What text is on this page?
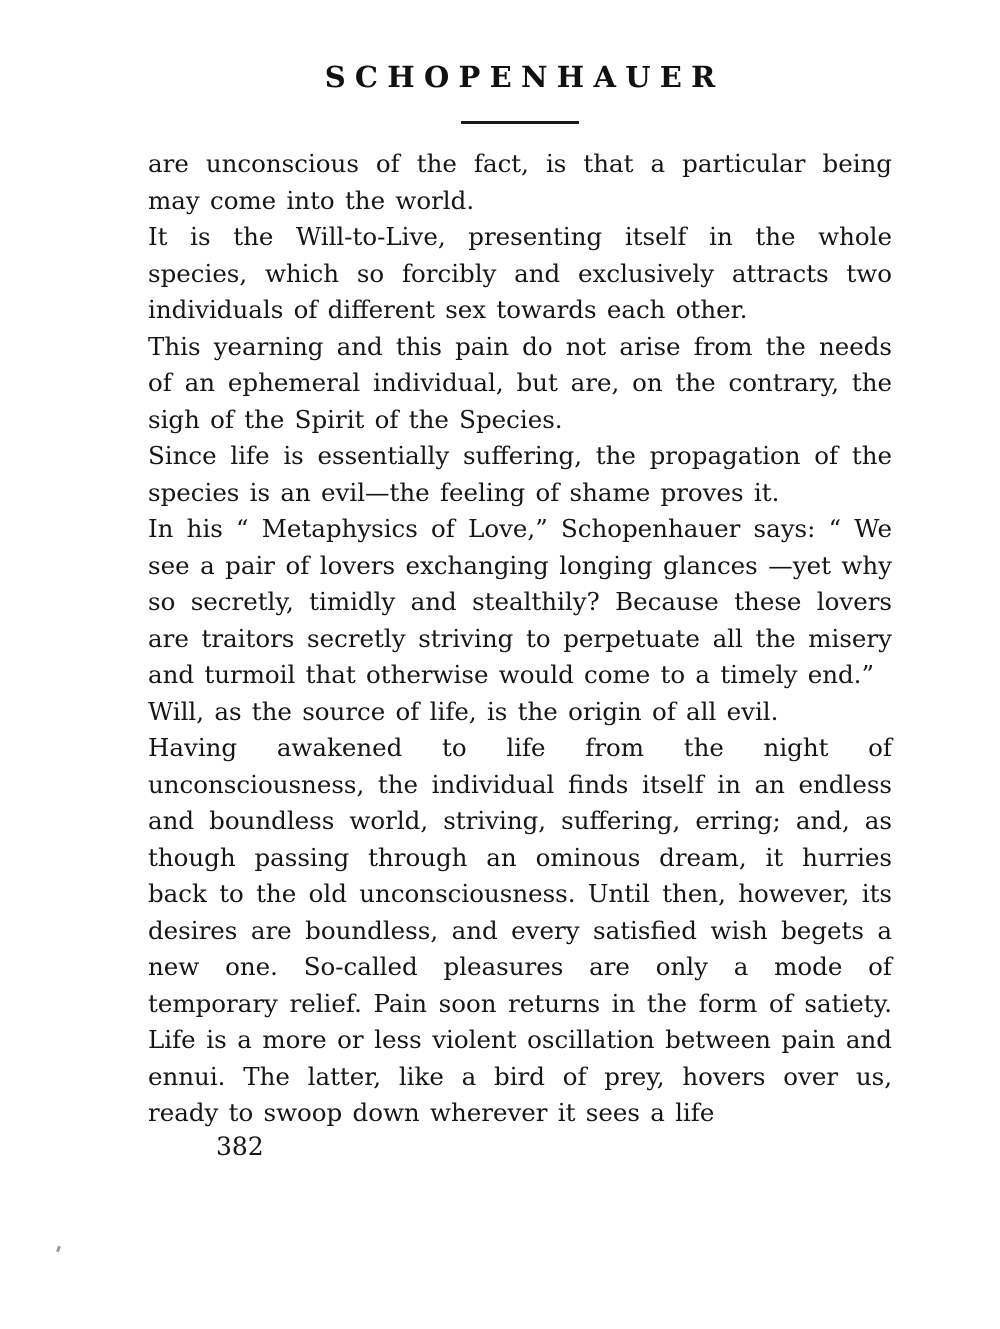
SCHOPENHAUER

are unconscious of the fact, is that a particular being may come into the world.

It is the Will-to-Live, presenting itself in the whole species, which so forcibly and exclusively attracts two individuals of different sex towards each other.

This yearning and this pain do not arise from the needs of an ephemeral individual, but are, on the contrary, the sigh of the Spirit of the Species.

Since life is essentially suffering, the propagation of the species is an evil—the feeling of shame proves it.

In his “ Metaphysics of Love,” Schopenhauer says: “ We see a pair of lovers exchanging longing glances —yet why so secretly, timidly and stealthily? Because these lovers are traitors secretly striving to perpetuate all the misery and turmoil that otherwise would come to a timely end.”

Will, as the source of life, is the origin of all evil.

Having awakened to life from the night of unconsciousness, the individual finds itself in an endless and boundless world, striving, suffering, erring; and, as though passing through an ominous dream, it hurries back to the old unconsciousness. Until then, however, its desires are boundless, and every satisfied wish begets a new one. So-called pleasures are only a mode of temporary relief. Pain soon returns in the form of satiety. Life is a more or less violent oscillation between pain and ennui. The latter, like a bird of prey, hovers over us, ready to swoop down wherever it sees a life

382
